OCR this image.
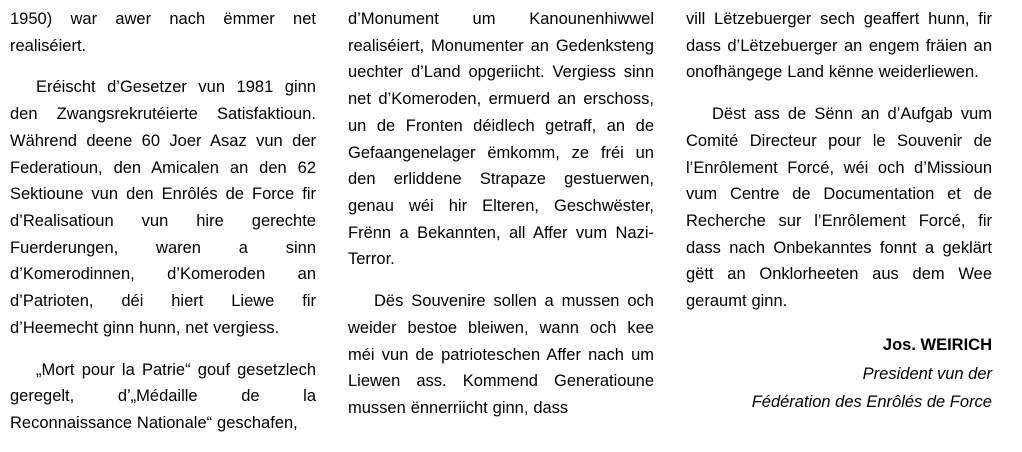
1950) war awer nach ëmmer net realiséiert.

Eréischt d’Gesetzer vun 1981 ginn den Zwangsrekrutéierte Satisfaktioun. Während deene 60 Joer Asaz vun der Federatioun, den Amicalen an den 62 Sektioune vun den Enrôlés de Force fir d’Realisatioun vun hire gerechte Fuerderungen, waren a sinn d’Komerodinnen, d’Komeroden an d’Patrioten, déi hiert Liewe fir d’Heemecht ginn hunn, net vergiess.

„Mort pour la Patrie“ gouf gesetzlech geregelt, d’„Médaille de la Reconnaissance Nationale“ geschafen,

d’Monument um Kanounenhiwwel realiséiert, Monumenter an Gedenksteng uechter d’Land opgeriicht. Vergiess sinn net d’Komeroden, ermuerd an erschoss, un de Fronten déidlech getraff, an de Gefaangenelager ëmkomm, ze fréi un den erliddene Strapaze gestuerwen, genau wéi hir Elteren, Geschwëster, Frënn a Bekannten, all Affer vum Nazi-Terror.

Dës Souvenire sollen a mussen och weider bestoe bleiwen, wann och kee méi vun de patrioteschen Affer nach um Liewen ass. Kommend Generatioune mussen ënnerriicht ginn, dass

vill Lëtzebuerger sech geaffert hunn, fir dass d’Lëtzebuerger an engem fräien an onofhängege Land kënne weiderliewen.

Dëst ass de Sënn an d’Aufgab vum Comité Directeur pour le Souvenir de l’Enrôlement Forcé, wéi och d’Missioun vum Centre de Documentation et de Recherche sur l’Enrôlement Forcé, fir dass nach Onbekanntes fonnt a geklärt gëtt an Onklorheeten aus dem Wee geraumt ginn.

Jos. WEIRICH
President vun der
Fédération des Enrôlés de Force
